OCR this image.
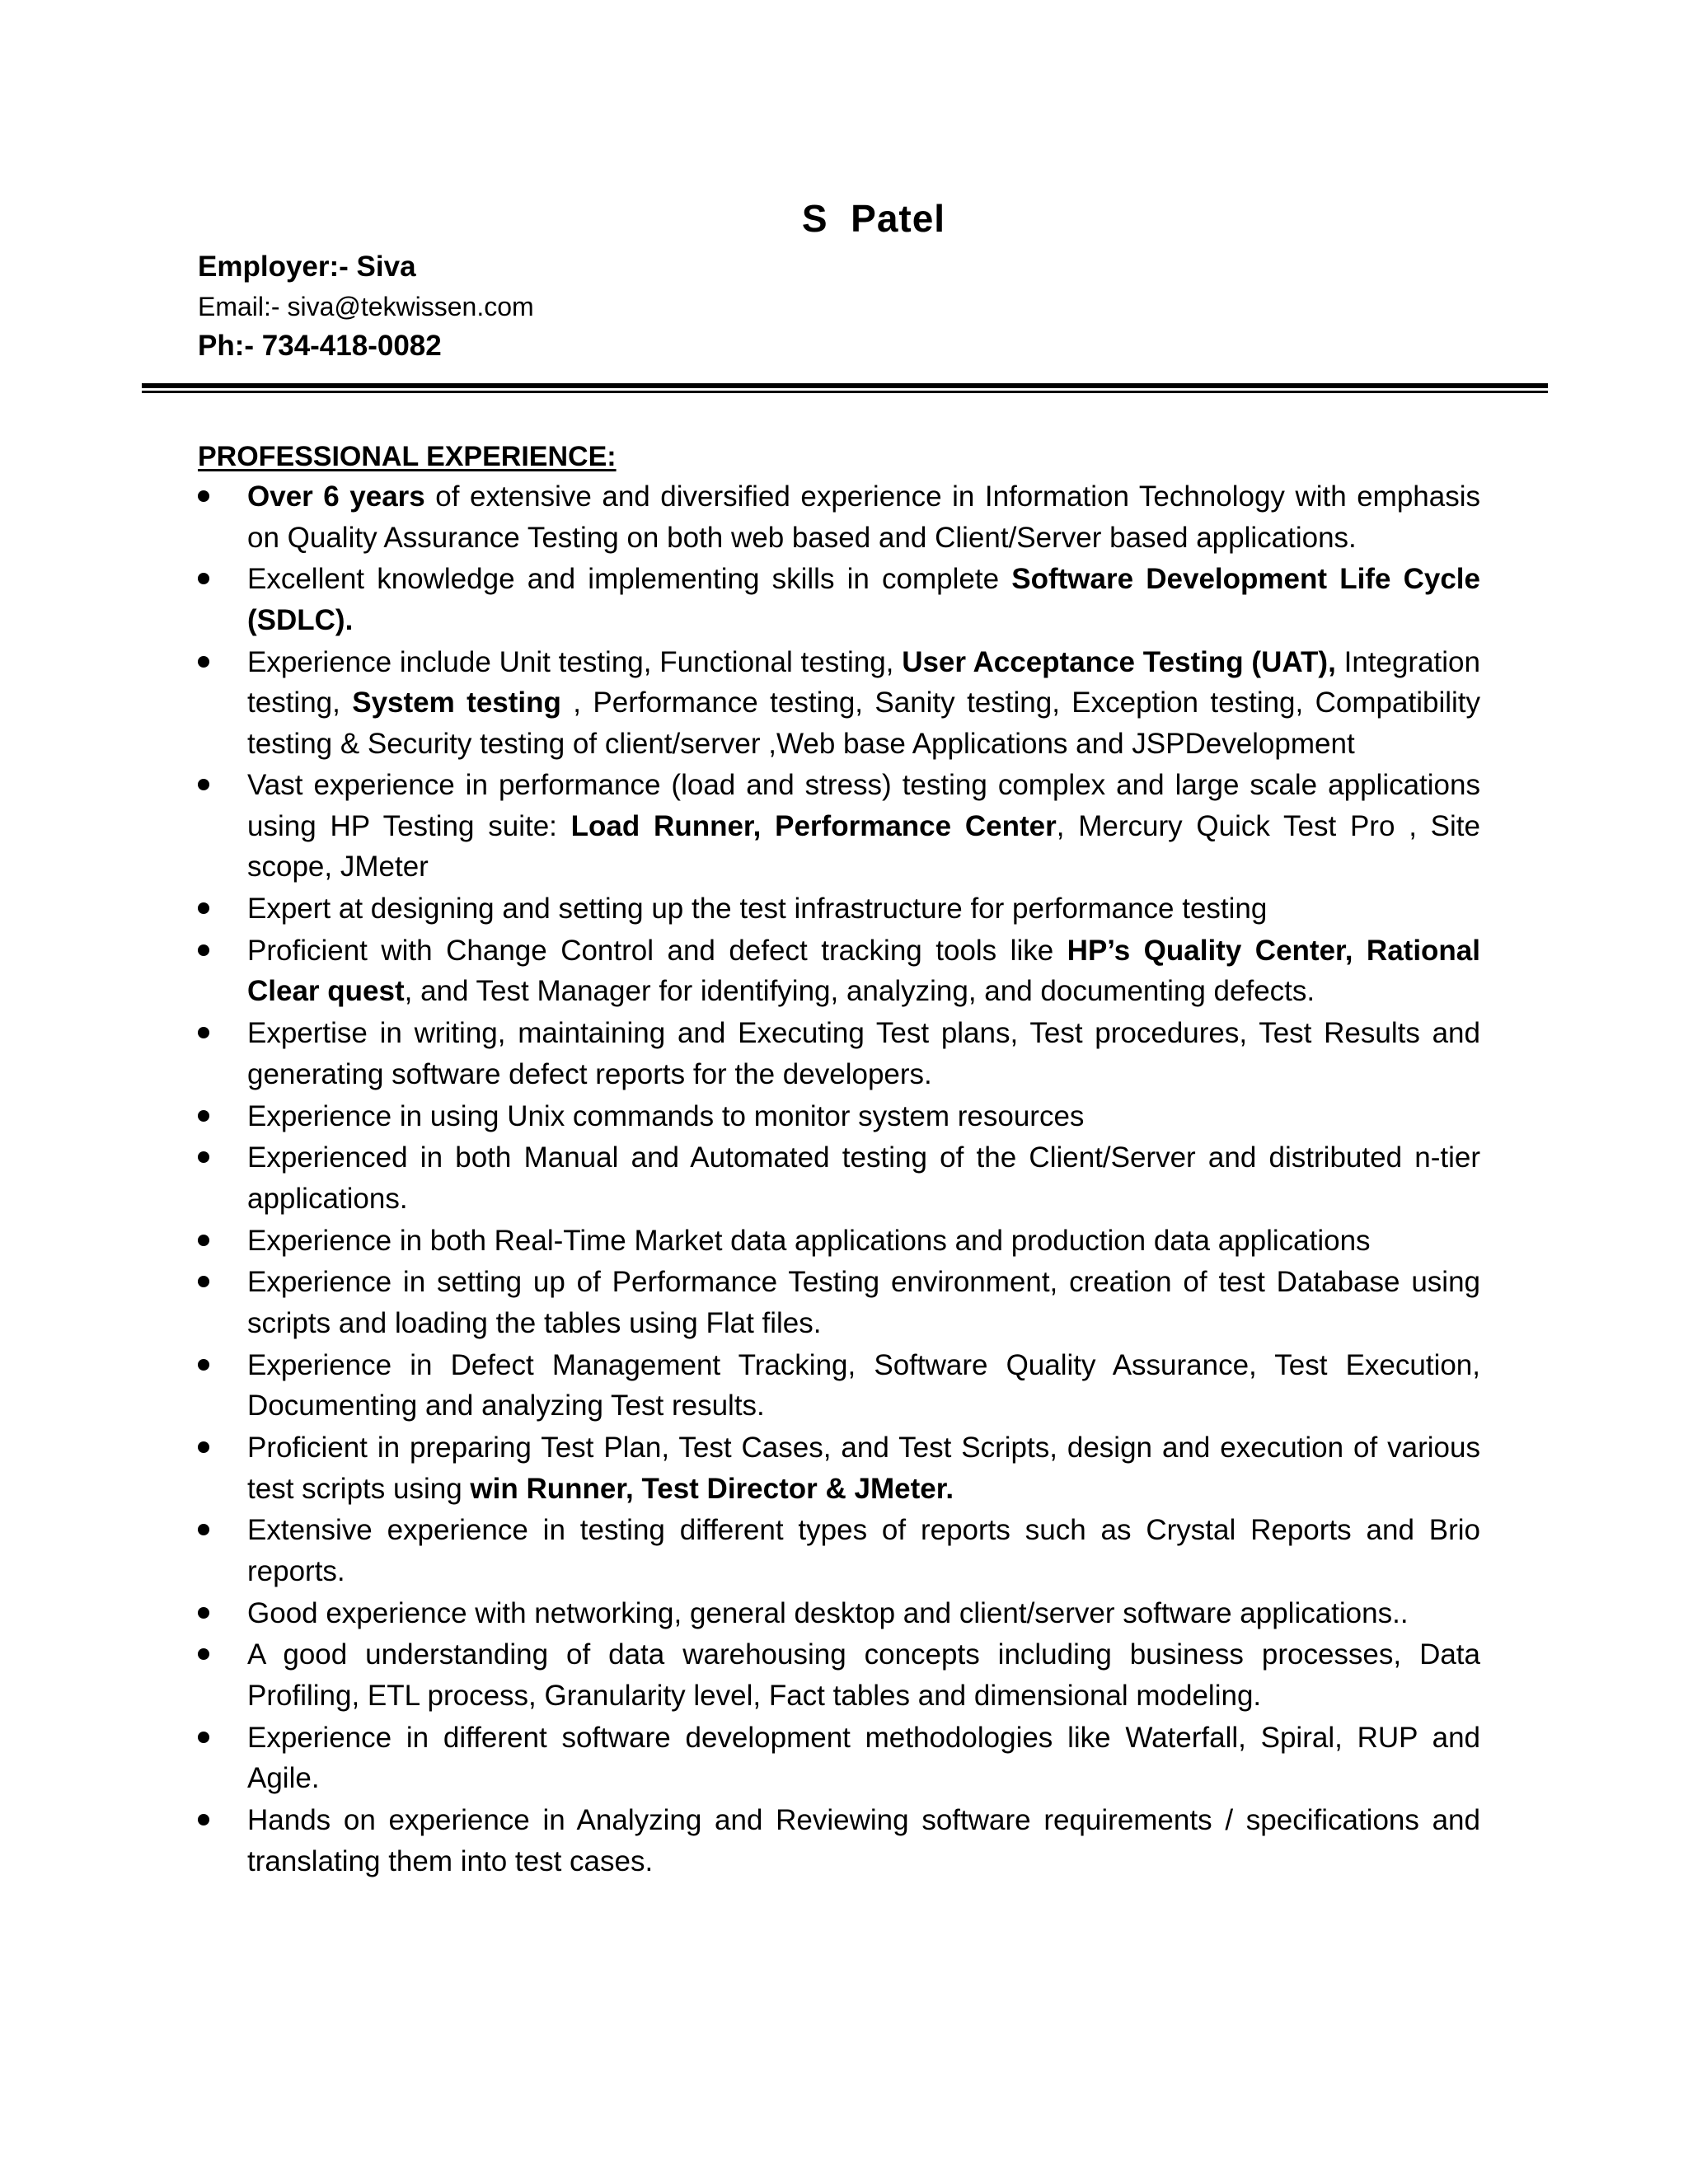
S  Patel
Employer:- Siva
Email:- siva@tekwissen.com
Ph:- 734-418-0082
PROFESSIONAL EXPERIENCE:
Over 6 years of extensive and diversified experience in Information Technology with emphasis on Quality Assurance Testing on both web based and Client/Server based applications.
Excellent knowledge and implementing skills in complete Software Development Life Cycle (SDLC).
Experience include Unit testing, Functional testing, User Acceptance Testing (UAT), Integration testing, System testing , Performance testing, Sanity testing, Exception testing, Compatibility testing & Security testing of client/server ,Web base Applications and JSPDevelopment
Vast experience in performance (load and stress) testing complex and large scale applications using HP Testing suite: Load Runner, Performance Center, Mercury Quick Test Pro , Site scope, JMeter
Expert at designing and setting up the test infrastructure for performance testing
Proficient with Change Control and defect tracking tools like HP’s Quality Center, Rational Clear quest, and Test Manager for identifying, analyzing, and documenting defects.
Expertise in writing, maintaining and Executing Test plans, Test procedures, Test Results and generating software defect reports for the developers.
Experience in using Unix commands to monitor system resources
Experienced in both Manual and Automated testing of the Client/Server and distributed n-tier applications.
Experience in both Real-Time Market data applications and production data applications
Experience in setting up of Performance Testing environment, creation of test Database using scripts and loading the tables using Flat files.
Experience in Defect Management Tracking, Software Quality Assurance, Test Execution, Documenting and analyzing Test results.
Proficient in preparing Test Plan, Test Cases, and Test Scripts, design and execution of various test scripts using win Runner, Test Director & JMeter.
Extensive experience in testing different types of reports such as Crystal Reports and Brio reports.
Good experience with networking, general desktop and client/server software applications..
A good understanding of data warehousing concepts including business processes, Data Profiling, ETL process, Granularity level, Fact tables and dimensional modeling.
Experience in different software development methodologies like Waterfall, Spiral, RUP and Agile.
Hands on experience in Analyzing and Reviewing software requirements / specifications and translating them into test cases.
